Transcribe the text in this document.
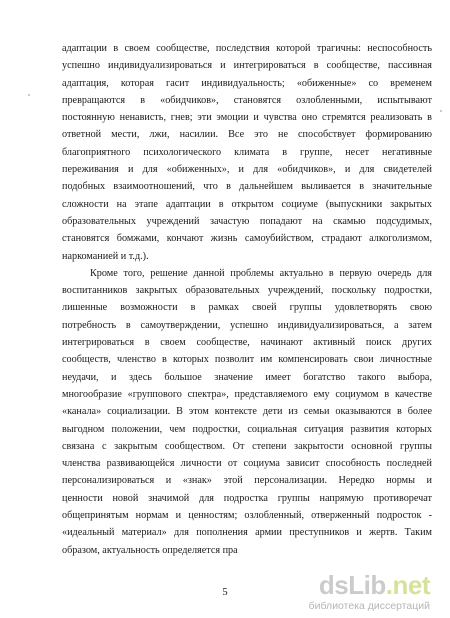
адаптации в своем сообществе, последствия которой трагичны: неспособность
успешно индивидуализироваться и интегрироваться в сообществе, пассивная
адаптация, которая гасит индивидуальность; «обиженные» со временем
превращаются в «обидчиков», становятся озлобленными, испытывают
постоянную ненависть, гнев; эти эмоции и чувства оно стремятся реализовать в
ответной мести, лжи, насилии. Все это не способствует формированию
благоприятного психологического климата в группе, несет негативные
переживания и для «обиженных», и для «обидчиков», и для свидетелей
подобных взаимоотношений, что в дальнейшем выливается в значительные
сложности на этапе адаптации в открытом социуме (выпускники закрытых
образовательных учреждений зачастую попадают на скамью подсудимых,
становятся бомжами, кончают жизнь самоубийством, страдают алкоголизмом,
наркоманией и т.д.).
Кроме того, решение данной проблемы актуально в первую очередь для
воспитанников закрытых образовательных учреждений, поскольку подростки,
лишенные возможности в рамках своей группы удовлетворять свою
потребность в самоутверждении, успешно индивидуализироваться, а затем
интегрироваться в своем сообществе, начинают активный поиск других
сообществ, членство в которых позволит им компенсировать свои личностные
неудачи, и здесь большое значение имеет богатство такого выбора,
многообразие «группового спектра», представляемого ему социумом в качестве
«канала» социализации. В этом контексте дети из семьи оказываются в более
выгодном положении, чем подростки, социальная ситуация развития которых
связана с закрытым сообществом. От степени закрытости основной группы
членства развивающейся личности от социума зависит способность последней
персонализироваться и «знак» этой персонализации. Нередко нормы и
ценности новой значимой для подростка группы напрямую противоречат
общепринятым нормам и ценностям; озлобленный, отверженный подросток -
«идеальный материал» для пополнения армии преступников и жертв. Таким
образом, актуальность определяется пра
5	dsLib.net
библиотека диссертаций
